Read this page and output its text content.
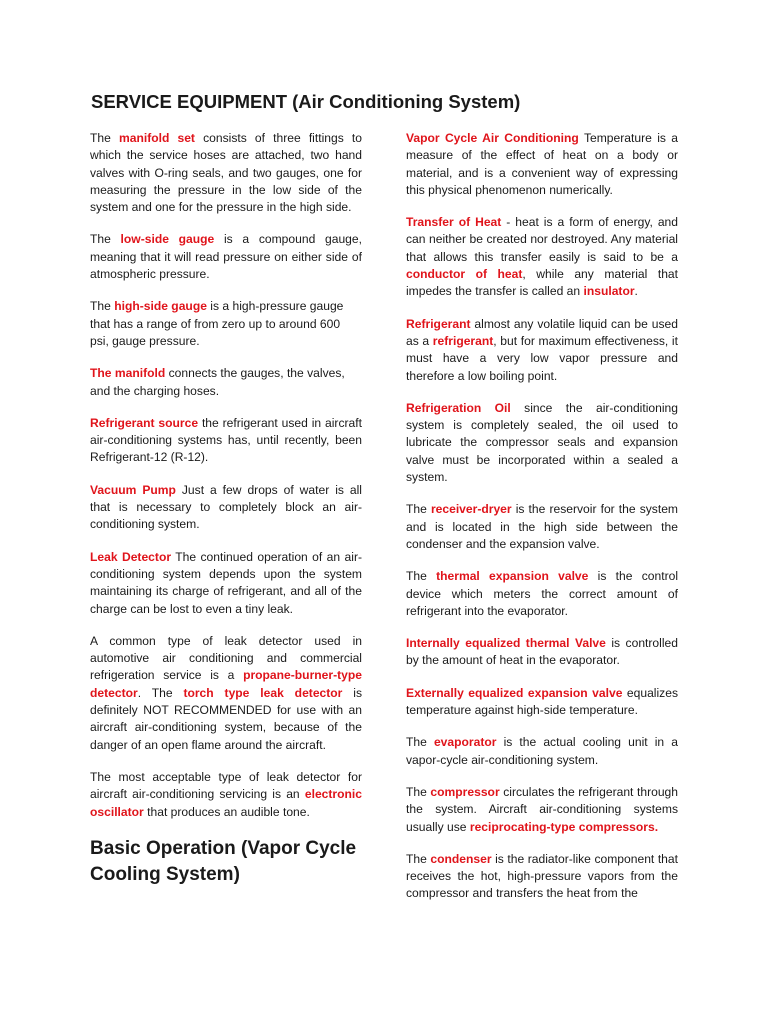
SERVICE EQUIPMENT (Air Conditioning System)

The manifold set consists of three fittings to which the service hoses are attached, two hand valves with O-ring seals, and two gauges, one for measuring the pressure in the low side of the system and one for the pressure in the high side.

The low-side gauge is a compound gauge, meaning that it will read pressure on either side of atmospheric pressure.

The high-side gauge is a high-pressure gauge that has a range of from zero up to around 600 psi, gauge pressure.

The manifold connects the gauges, the valves, and the charging hoses.

Refrigerant source the refrigerant used in aircraft air-conditioning systems has, until recently, been Refrigerant-12 (R-12).

Vacuum Pump Just a few drops of water is all that is necessary to completely block an air-conditioning system.

Leak Detector The continued operation of an air-conditioning system depends upon the system maintaining its charge of refrigerant, and all of the charge can be lost to even a tiny leak.

A common type of leak detector used in automotive air conditioning and commercial refrigeration service is a propane-burner-type detector. The torch type leak detector is definitely NOT RECOMMENDED for use with an aircraft air-conditioning system, because of the danger of an open flame around the aircraft.

The most acceptable type of leak detector for aircraft air-conditioning servicing is an electronic oscillator that produces an audible tone.

Basic Operation (Vapor Cycle Cooling System)

Vapor Cycle Air Conditioning Temperature is a measure of the effect of heat on a body or material, and is a convenient way of expressing this physical phenomenon numerically.

Transfer of Heat - heat is a form of energy, and can neither be created nor destroyed. Any material that allows this transfer easily is said to be a conductor of heat, while any material that impedes the transfer is called an insulator.

Refrigerant almost any volatile liquid can be used as a refrigerant, but for maximum effectiveness, it must have a very low vapor pressure and therefore a low boiling point.

Refrigeration Oil since the air-conditioning system is completely sealed, the oil used to lubricate the compressor seals and expansion valve must be incorporated within a sealed a system.

The receiver-dryer is the reservoir for the system and is located in the high side between the condenser and the expansion valve.

The thermal expansion valve is the control device which meters the correct amount of refrigerant into the evaporator.

Internally equalized thermal Valve is controlled by the amount of heat in the evaporator.

Externally equalized expansion valve equalizes temperature against high-side temperature.

The evaporator is the actual cooling unit in a vapor-cycle air-conditioning system.

The compressor circulates the refrigerant through the system. Aircraft air-conditioning systems usually use reciprocating-type compressors.

The condenser is the radiator-like component that receives the hot, high-pressure vapors from the compressor and transfers the heat from the
